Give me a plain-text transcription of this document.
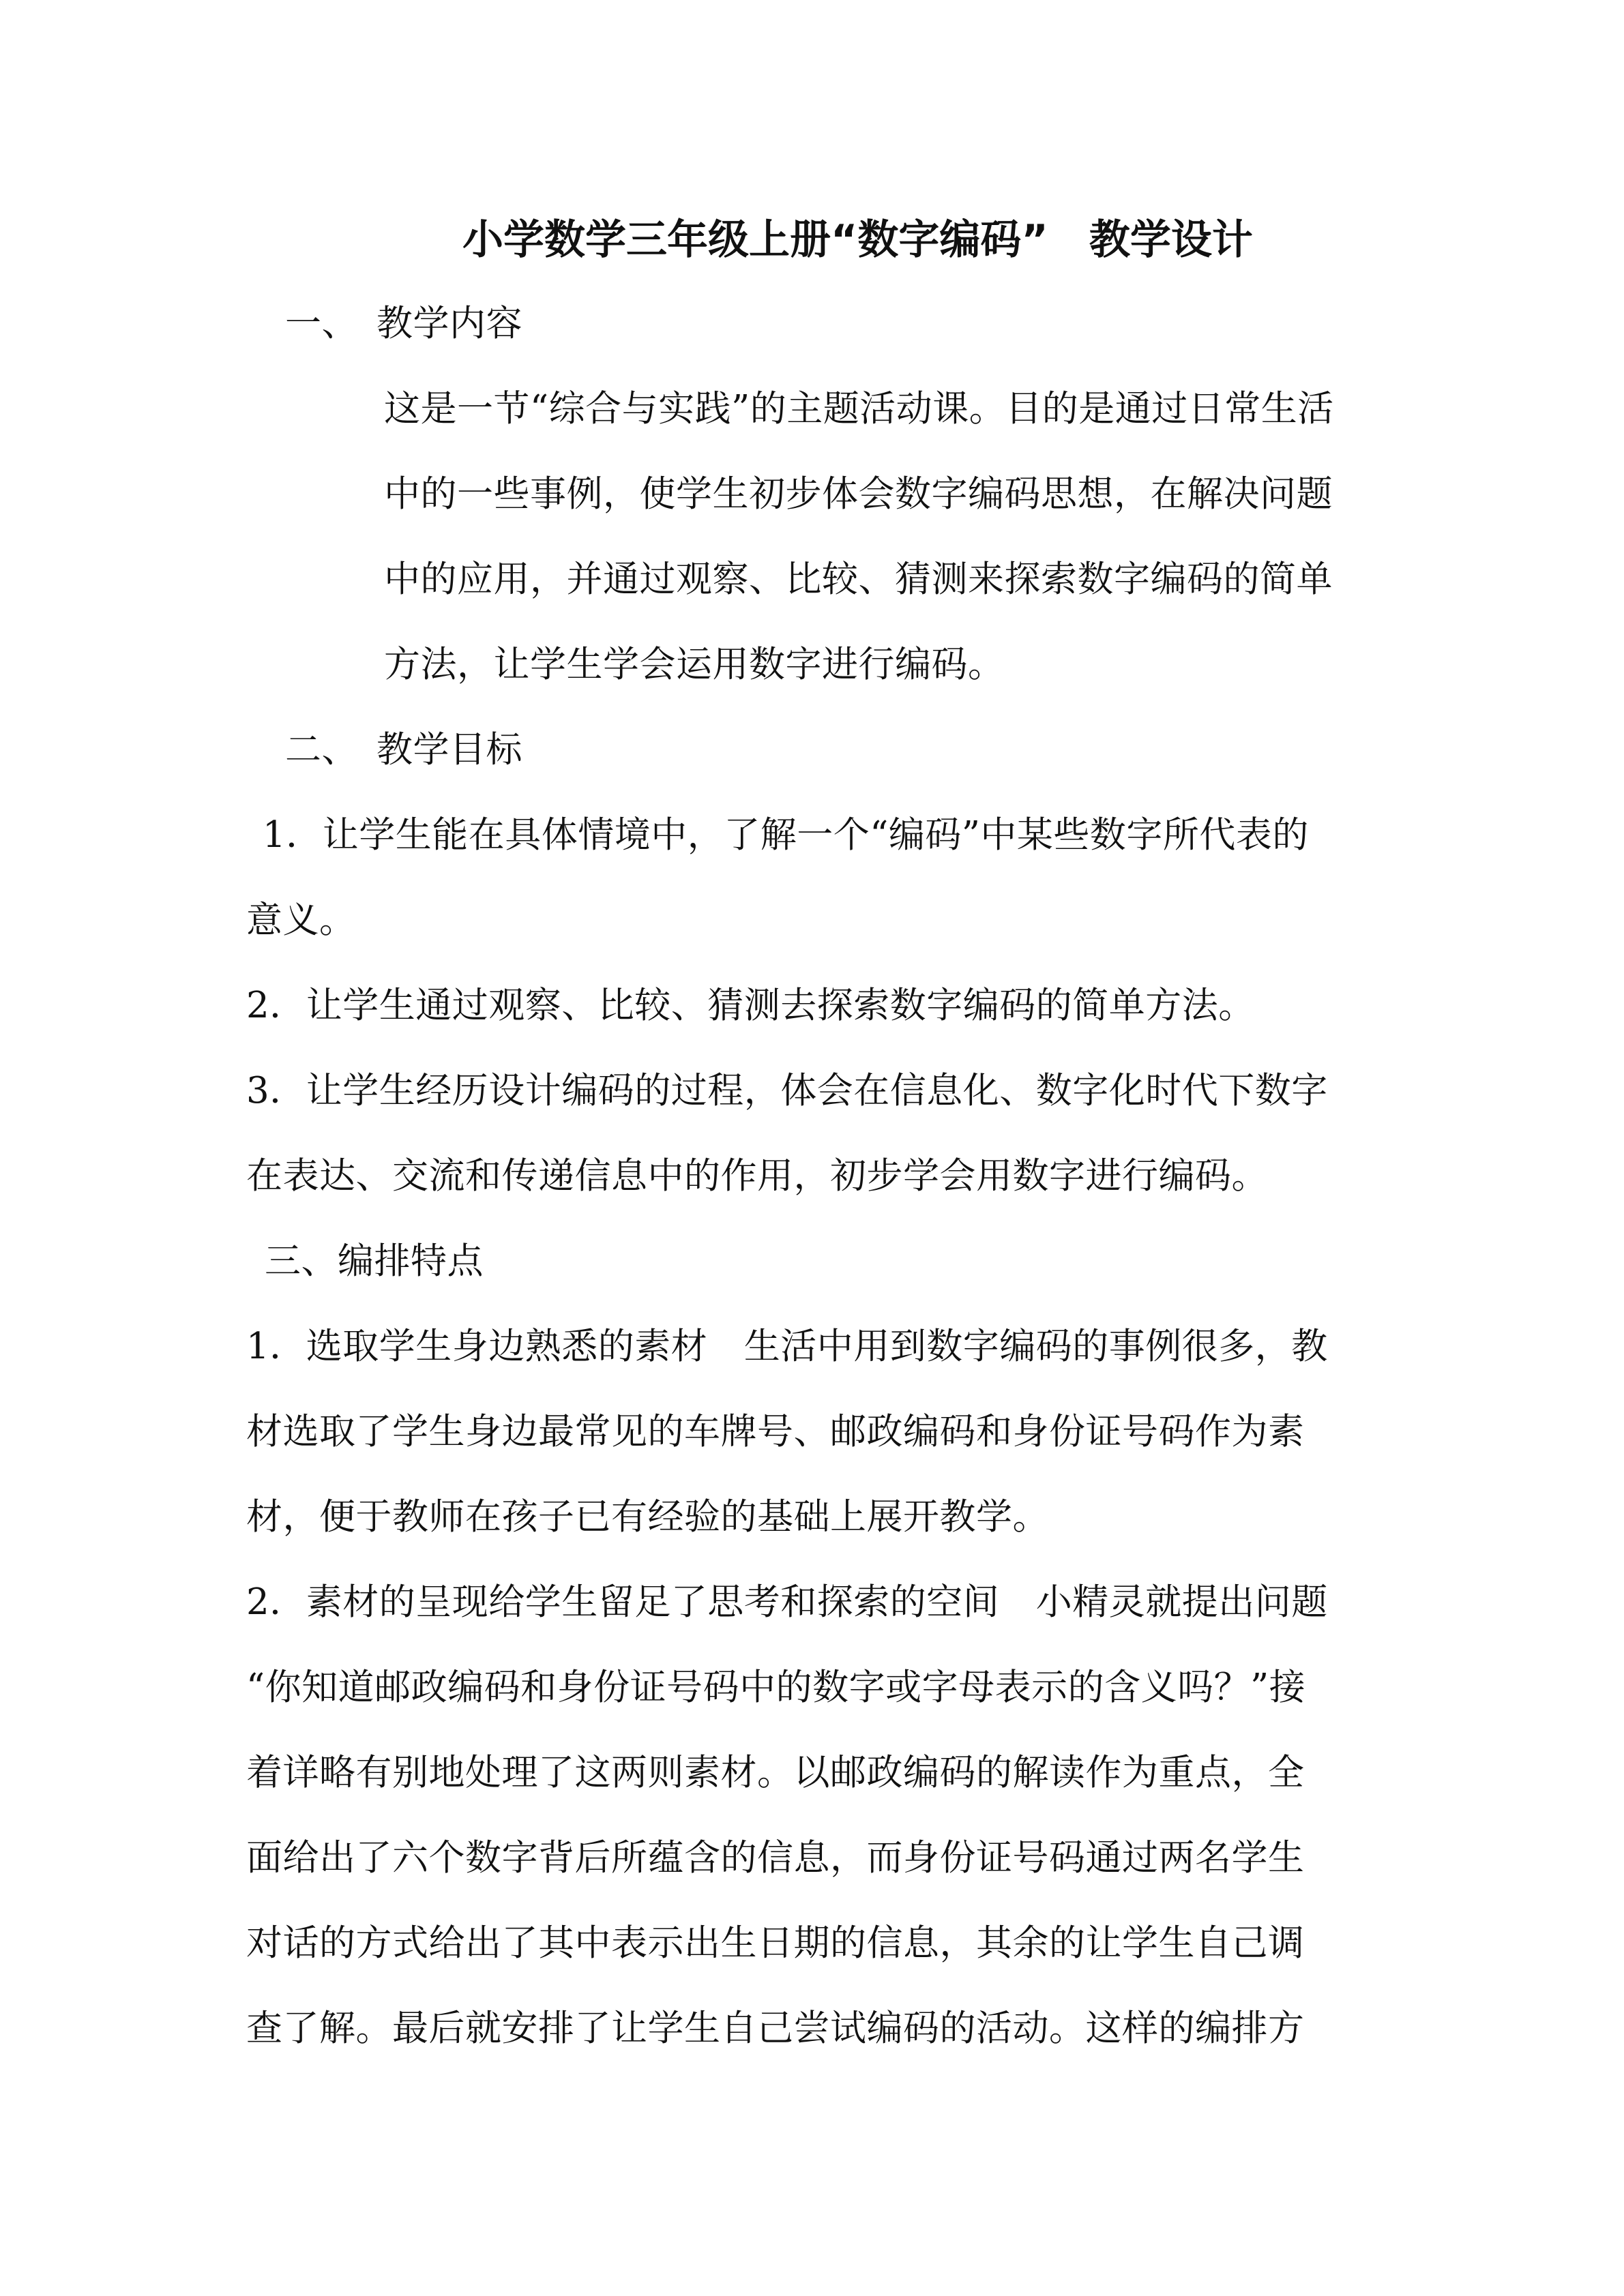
小学数学三年级上册“数字编码”　教学设计
一、　教学内容
这是一节“综合与实践”的主题活动课。目的是通过日常生活
中的一些事例，使学生初步体会数字编码思想，在解决问题
中的应用，并通过观察、比较、猜测来探索数字编码的简单
方法，让学生学会运用数字进行编码。
二、　教学目标
1．让学生能在具体情境中，了解一个“编码”中某些数字所代表的
意义。
2．让学生通过观察、比较、猜测去探索数字编码的简单方法。
3．让学生经历设计编码的过程，体会在信息化、数字化时代下数字
在表达、交流和传递信息中的作用，初步学会用数字进行编码。
三、编排特点
1．选取学生身边熟悉的素材　生活中用到数字编码的事例很多，教
材选取了学生身边最常见的车牌号、邮政编码和身份证号码作为素
材，便于教师在孩子已有经验的基础上展开教学。
2．素材的呈现给学生留足了思考和探索的空间　小精灵就提出问题
“你知道邮政编码和身份证号码中的数字或字母表示的含义吗？”接
着详略有别地处理了这两则素材。以邮政编码的解读作为重点，全
面给出了六个数字背后所蕴含的信息，而身份证号码通过两名学生
对话的方式给出了其中表示出生日期的信息，其余的让学生自己调
查了解。最后就安排了让学生自己尝试编码的活动。这样的编排方
